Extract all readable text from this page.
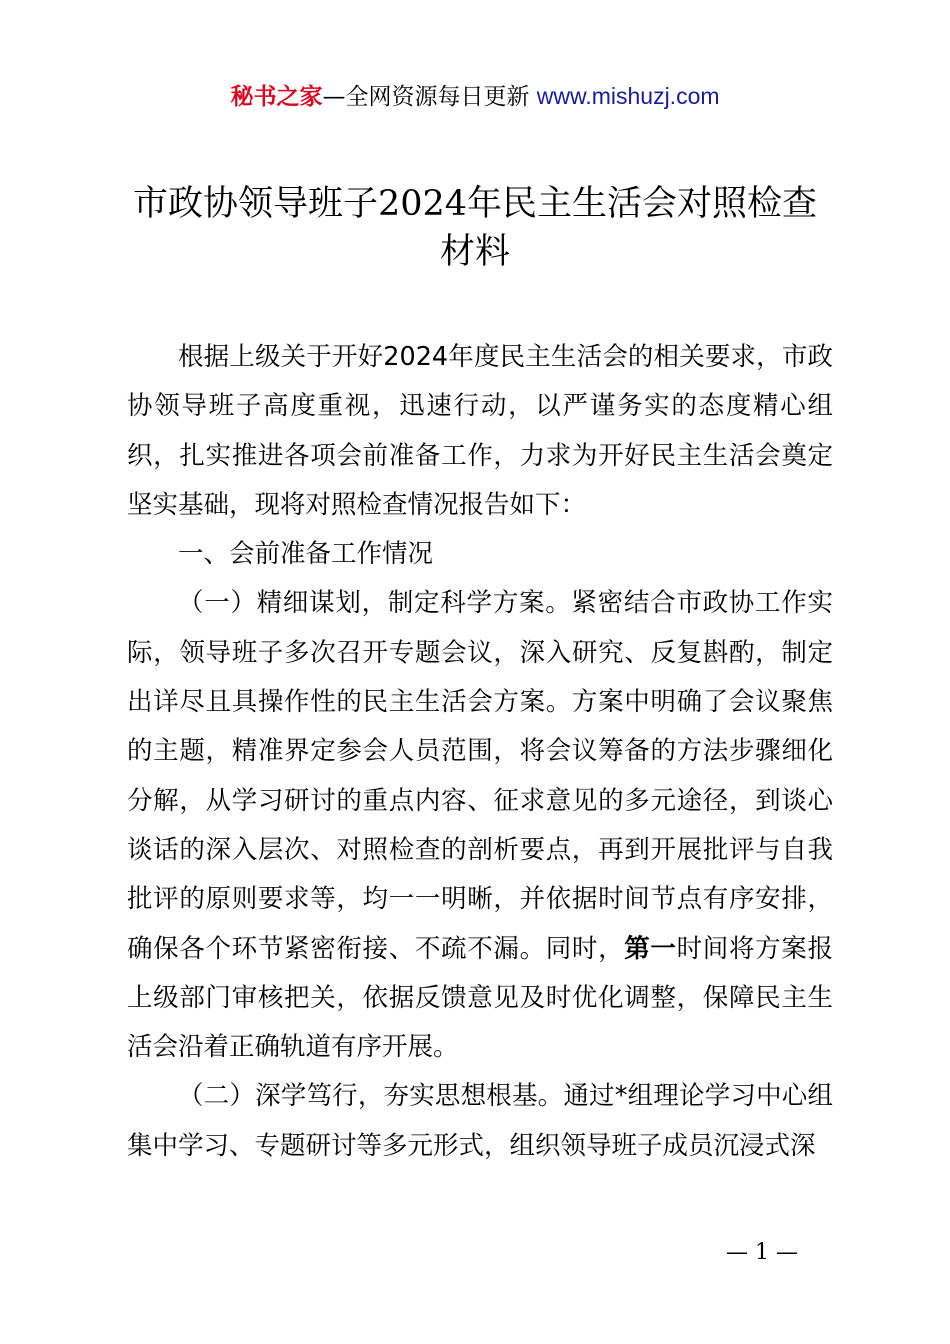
秘书之家—全网资源每日更新 www.mishuzj.com
市政协领导班子2024年民主生活会对照检查
材料

根据上级关于开好2024年度民主生活会的相关要求，市政协领导班子高度重视，迅速行动，以严谨务实的态度精心组织，扎实推进各项会前准备工作，力求为开好民主生活会奠定坚实基础，现将对照检查情况报告如下：

一、会前准备工作情况

（一）精细谋划，制定科学方案。紧密结合市政协工作实际，领导班子多次召开专题会议，深入研究、反复斟酌，制定出详尽且具操作性的民主生活会方案。方案中明确了会议聚焦的主题，精准界定参会人员范围，将会议筹备的方法步骤细化分解，从学习研讨的重点内容、征求意见的多元途径，到谈心谈话的深入层次、对照检查的剖析要点，再到开展批评与自我批评的原则要求等，均一一明晰，并依据时间节点有序安排，确保各个环节紧密衔接、不疏不漏。同时，第一时间将方案报上级部门审核把关，依据反馈意见及时优化调整，保障民主生活会沿着正确轨道有序开展。

（二）深学笃行，夯实思想根基。通过*组理论学习中心组集中学习、专题研讨等多元形式，组织领导班子成员沉浸式深

— 1 —
